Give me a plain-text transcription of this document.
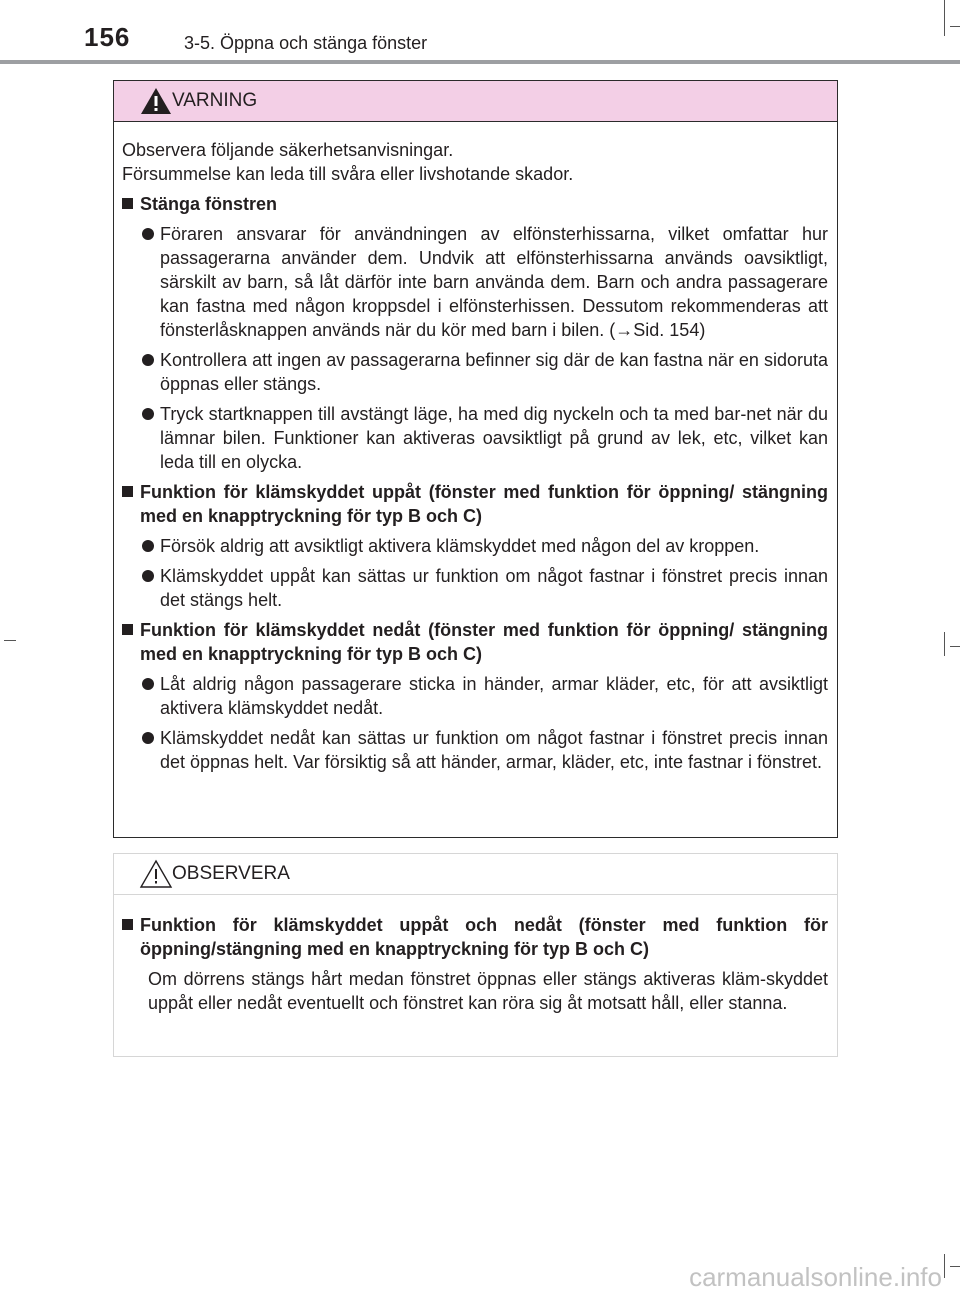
156	3-5. Öppna och stänga fönster
VARNING
Observera följande säkerhetsanvisningar.
Försummelse kan leda till svåra eller livshotande skador.
Stänga fönstren
Föraren ansvarar för användningen av elfönsterhissarna, vilket omfattar hur passagerarna använder dem. Undvik att elfönsterhissarna används oavsiktligt, särskilt av barn, så låt därför inte barn använda dem. Barn och andra passagerare kan fastna med någon kroppsdel i elfönsterhissen. Dessutom rekommenderas att fönsterlåsknappen används när du kör med barn i bilen. (→Sid. 154)
Kontrollera att ingen av passagerarna befinner sig där de kan fastna när en sidoruta öppnas eller stängs.
Tryck startknappen till avstängt läge, ha med dig nyckeln och ta med bar-net när du lämnar bilen. Funktioner kan aktiveras oavsiktligt på grund av lek, etc, vilket kan leda till en olycka.
Funktion för klämskyddet uppåt (fönster med funktion för öppning/ stängning med en knapptryckning för typ B och C)
Försök aldrig att avsiktligt aktivera klämskyddet med någon del av kroppen.
Klämskyddet uppåt kan sättas ur funktion om något fastnar i fönstret precis innan det stängs helt.
Funktion för klämskyddet nedåt (fönster med funktion för öppning/ stängning med en knapptryckning för typ B och C)
Låt aldrig någon passagerare sticka in händer, armar kläder, etc, för att avsiktligt aktivera klämskyddet nedåt.
Klämskyddet nedåt kan sättas ur funktion om något fastnar i fönstret precis innan det öppnas helt. Var försiktig så att händer, armar, kläder, etc, inte fastnar i fönstret.
OBSERVERA
Funktion för klämskyddet uppåt och nedåt (fönster med funktion för öppning/stängning med en knapptryckning för typ B och C)
Om dörrens stängs hårt medan fönstret öppnas eller stängs aktiveras kläm-skyddet uppåt eller nedåt eventuellt och fönstret kan röra sig åt motsatt håll, eller stanna.
carmanualsonline.info
